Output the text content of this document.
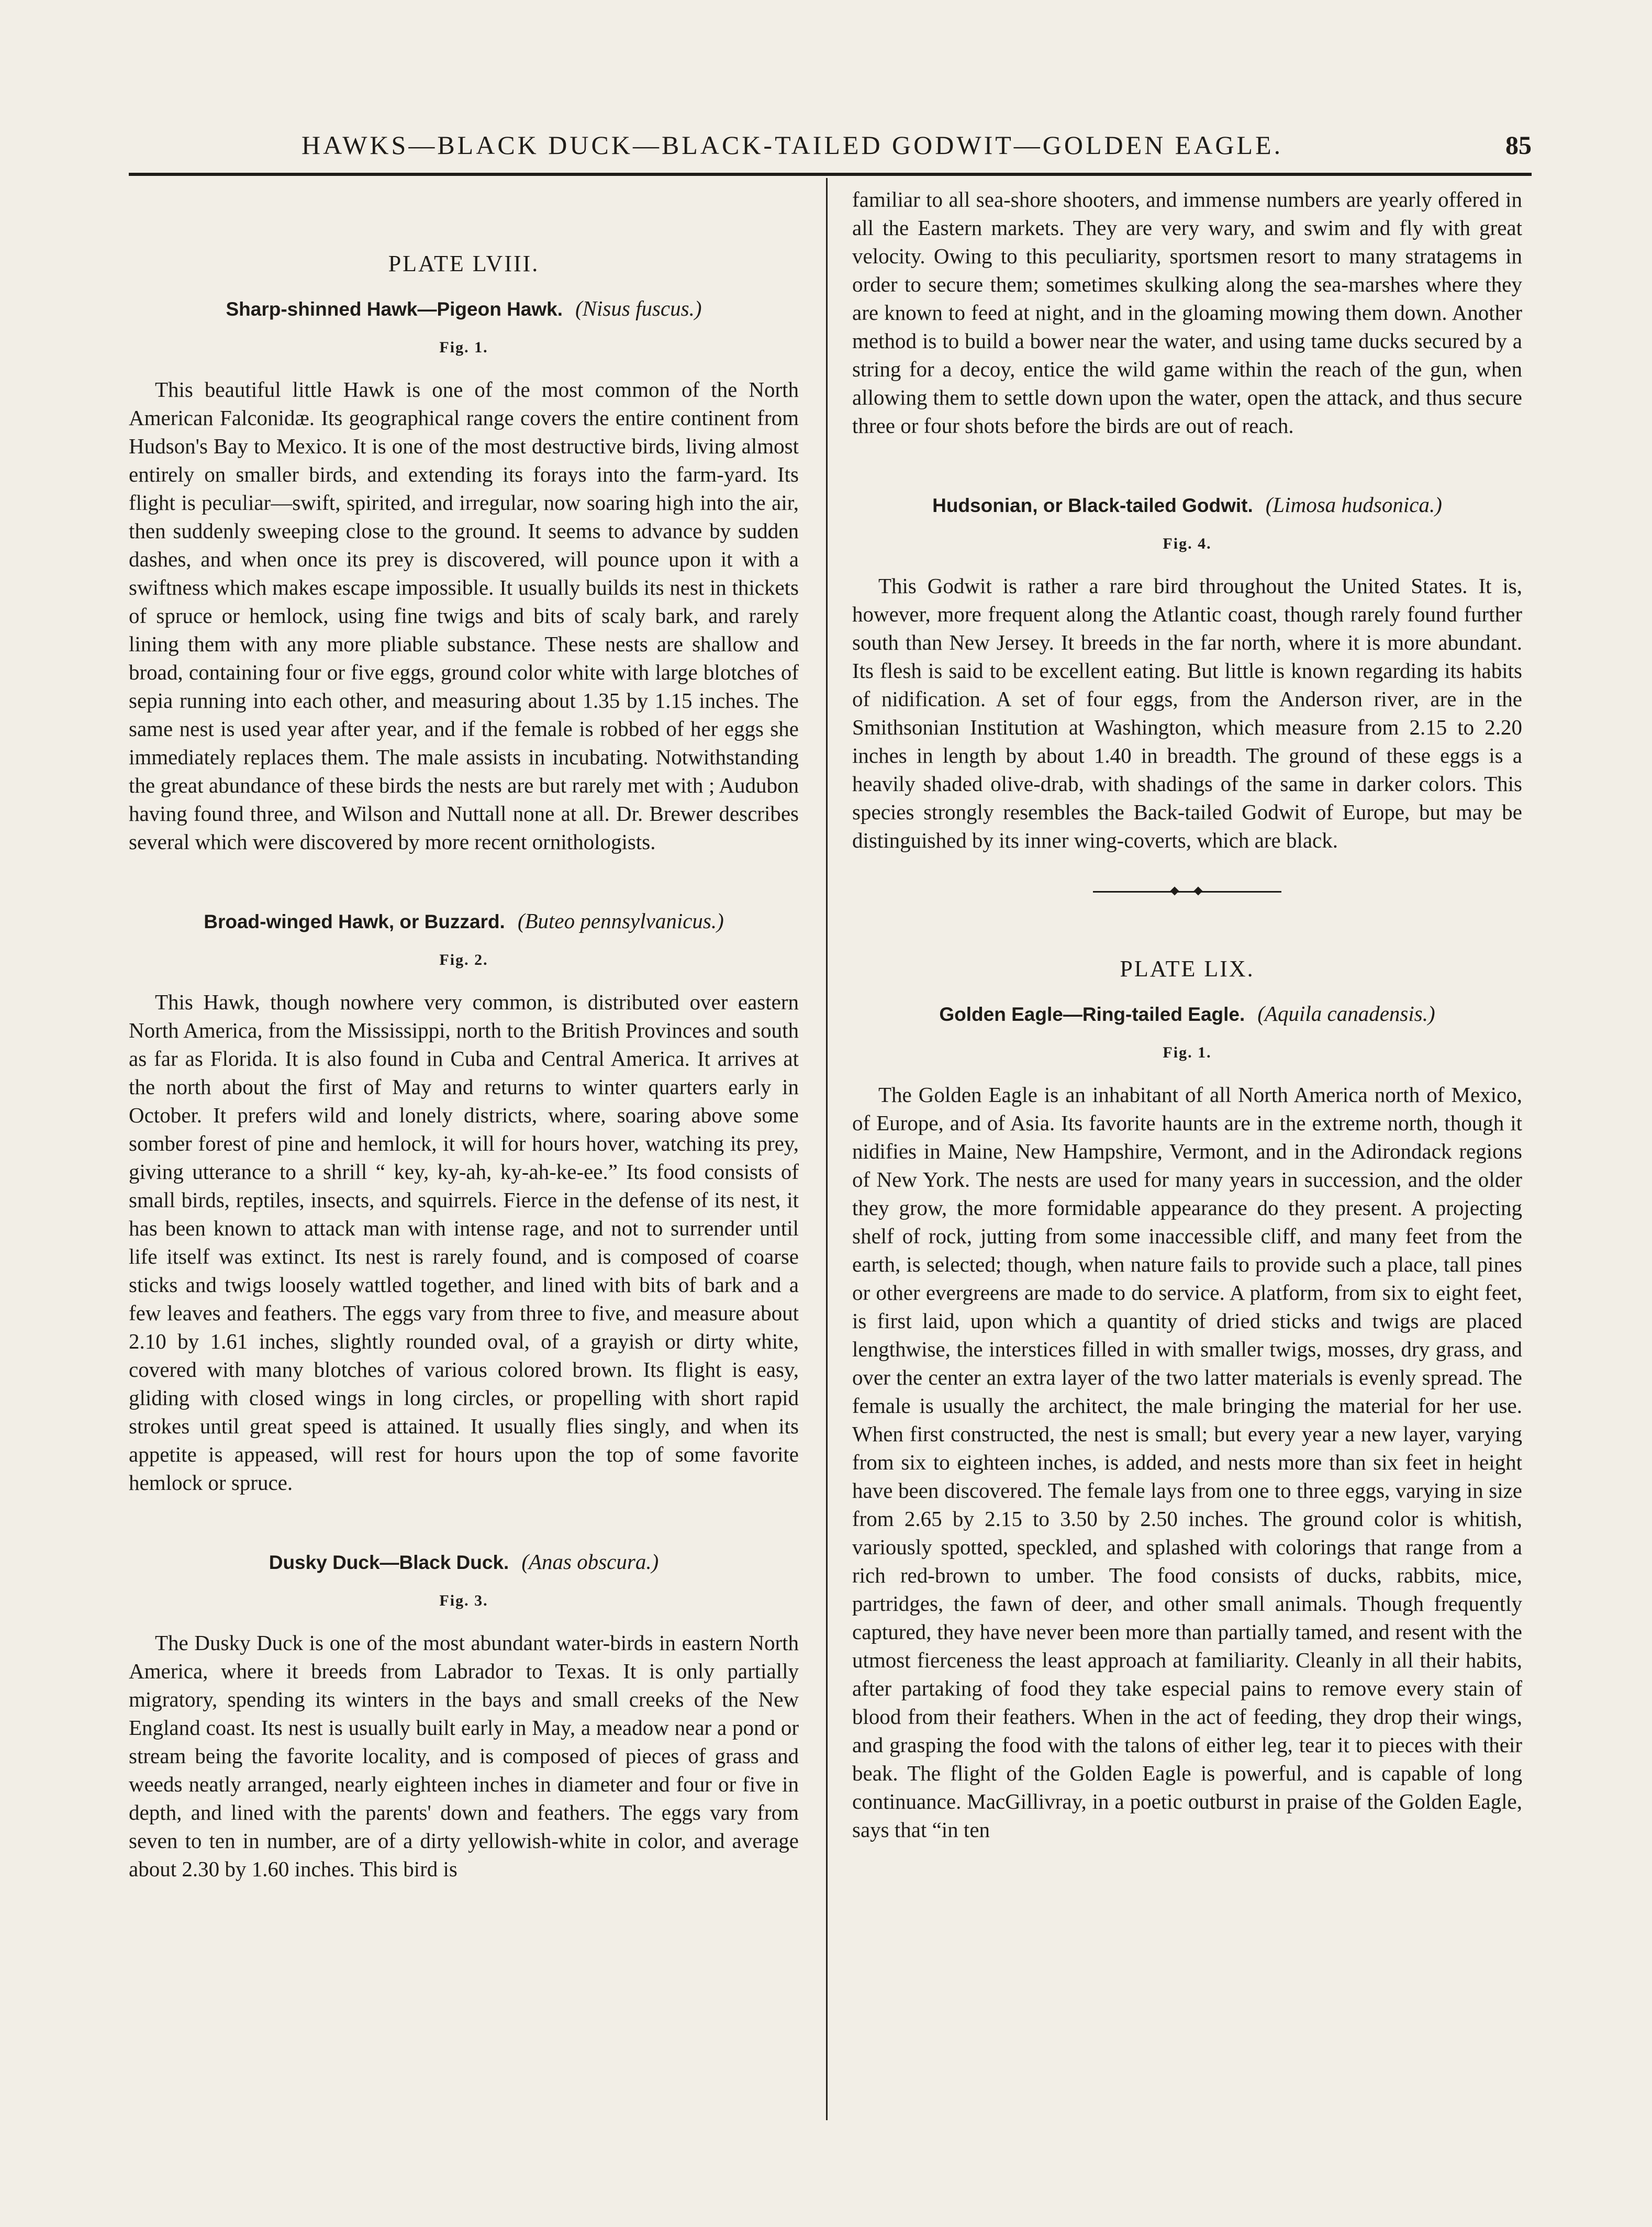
HAWKS—BLACK DUCK—BLACK-TAILED GODWIT—GOLDEN EAGLE.	85
PLATE LVIII.
Sharp-shinned Hawk—Pigeon Hawk. (Nisus fuscus.)
Fig. 1.

This beautiful little Hawk is one of the most common of the North American Falconidæ. Its geographical range covers the entire continent from Hudson's Bay to Mexico. It is one of the most destructive birds, living almost entirely on smaller birds, and extending its forays into the farm-yard. Its flight is peculiar—swift, spirited, and irregular, now soaring high into the air, then suddenly sweeping close to the ground. It seems to advance by sudden dashes, and when once its prey is discovered, will pounce upon it with a swiftness which makes escape impossible. It usually builds its nest in thickets of spruce or hemlock, using fine twigs and bits of scaly bark, and rarely lining them with any more pliable substance. These nests are shallow and broad, containing four or five eggs, ground color white with large blotches of sepia running into each other, and measuring about 1.35 by 1.15 inches. The same nest is used year after year, and if the female is robbed of her eggs she immediately replaces them. The male assists in incubating. Notwithstanding the great abundance of these birds the nests are but rarely met with ; Audubon having found three, and Wilson and Nuttall none at all. Dr. Brewer describes several which were discovered by more recent ornithologists.

Broad-winged Hawk, or Buzzard. (Buteo pennsylvanicus.)
Fig. 2.

This Hawk, though nowhere very common, is distributed over eastern North America, from the Mississippi, north to the British Provinces and south as far as Florida. It is also found in Cuba and Central America. It arrives at the north about the first of May and returns to winter quarters early in October. It prefers wild and lonely districts, where, soaring above some somber forest of pine and hemlock, it will for hours hover, watching its prey, giving utterance to a shrill “ key, ky-ah, ky-ah-ke-ee.” Its food consists of small birds, reptiles, insects, and squirrels. Fierce in the defense of its nest, it has been known to attack man with intense rage, and not to surrender until life itself was extinct. Its nest is rarely found, and is composed of coarse sticks and twigs loosely wattled together, and lined with bits of bark and a few leaves and feathers. The eggs vary from three to five, and measure about 2.10 by 1.61 inches, slightly rounded oval, of a grayish or dirty white, covered with many blotches of various colored brown. Its flight is easy, gliding with closed wings in long circles, or propelling with short rapid strokes until great speed is attained. It usually flies singly, and when its appetite is appeased, will rest for hours upon the top of some favorite hemlock or spruce.

Dusky Duck—Black Duck. (Anas obscura.)
Fig. 3.

The Dusky Duck is one of the most abundant water-birds in eastern North America, where it breeds from Labrador to Texas. It is only partially migratory, spending its winters in the bays and small creeks of the New England coast. Its nest is usually built early in May, a meadow near a pond or stream being the favorite locality, and is composed of pieces of grass and weeds neatly arranged, nearly eighteen inches in diameter and four or five in depth, and lined with the parents' down and feathers. The eggs vary from seven to ten in number, are of a dirty yellowish-white in color, and average about 2.30 by 1.60 inches. This bird is

familiar to all sea-shore shooters, and immense numbers are yearly offered in all the Eastern markets. They are very wary, and swim and fly with great velocity. Owing to this peculiarity, sportsmen resort to many stratagems in order to secure them; sometimes skulking along the sea-marshes where they are known to feed at night, and in the gloaming mowing them down. Another method is to build a bower near the water, and using tame ducks secured by a string for a decoy, entice the wild game within the reach of the gun, when allowing them to settle down upon the water, open the attack, and thus secure three or four shots before the birds are out of reach.

Hudsonian, or Black-tailed Godwit. (Limosa hudsonica.)
Fig. 4.

This Godwit is rather a rare bird throughout the United States. It is, however, more frequent along the Atlantic coast, though rarely found further south than New Jersey. It breeds in the far north, where it is more abundant. Its flesh is said to be excellent eating. But little is known regarding its habits of nidification. A set of four eggs, from the Anderson river, are in the Smithsonian Institution at Washington, which measure from 2.15 to 2.20 inches in length by about 1.40 in breadth. The ground of these eggs is a heavily shaded olive-drab, with shadings of the same in darker colors. This species strongly resembles the Back-tailed Godwit of Europe, but may be distinguished by its inner wing-coverts, which are black.

PLATE LIX.
Golden Eagle—Ring-tailed Eagle. (Aquila canadensis.)
Fig. 1.

The Golden Eagle is an inhabitant of all North America north of Mexico, of Europe, and of Asia. Its favorite haunts are in the extreme north, though it nidifies in Maine, New Hampshire, Vermont, and in the Adirondack regions of New York. The nests are used for many years in succession, and the older they grow, the more formidable appearance do they present. A projecting shelf of rock, jutting from some inaccessible cliff, and many feet from the earth, is selected; though, when nature fails to provide such a place, tall pines or other evergreens are made to do service. A platform, from six to eight feet, is first laid, upon which a quantity of dried sticks and twigs are placed lengthwise, the interstices filled in with smaller twigs, mosses, dry grass, and over the center an extra layer of the two latter materials is evenly spread. The female is usually the architect, the male bringing the material for her use. When first constructed, the nest is small; but every year a new layer, varying from six to eighteen inches, is added, and nests more than six feet in height have been discovered. The female lays from one to three eggs, varying in size from 2.65 by 2.15 to 3.50 by 2.50 inches. The ground color is whitish, variously spotted, speckled, and splashed with colorings that range from a rich red-brown to umber. The food consists of ducks, rabbits, mice, partridges, the fawn of deer, and other small animals. Though frequently captured, they have never been more than partially tamed, and resent with the utmost fierceness the least approach at familiarity. Cleanly in all their habits, after partaking of food they take especial pains to remove every stain of blood from their feathers. When in the act of feeding, they drop their wings, and grasping the food with the talons of either leg, tear it to pieces with their beak. The flight of the Golden Eagle is powerful, and is capable of long continuance. MacGillivray, in a poetic outburst in praise of the Golden Eagle, says that “in ten
